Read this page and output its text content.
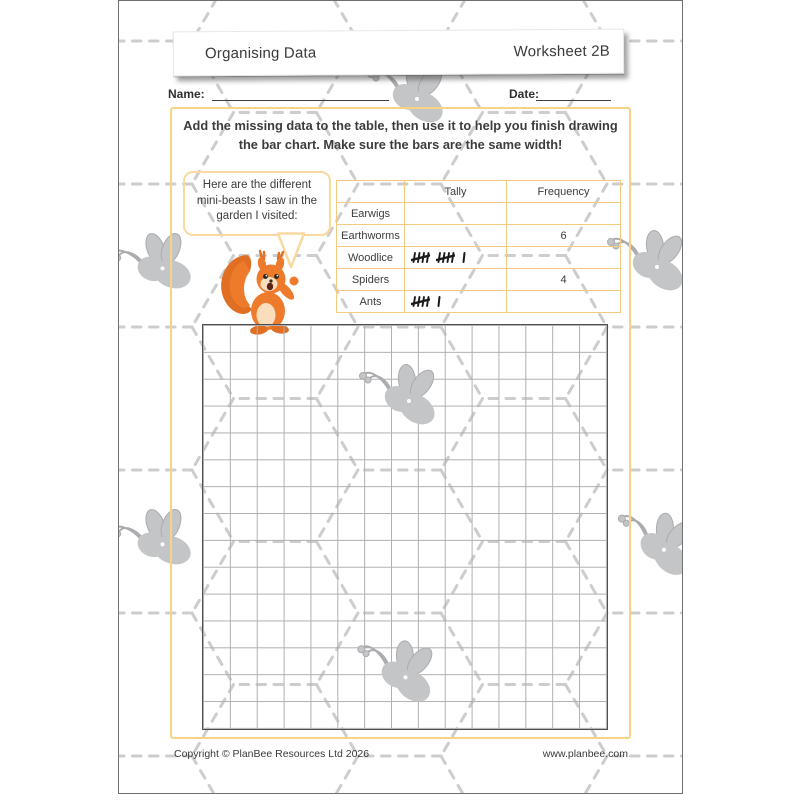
Organising Data	Worksheet 2B
Name:	Date:
Add the missing data to the table, then use it to help you finish drawing
the bar chart. Make sure the bars are the same width!
Here are the different
mini-beasts I saw in the
garden I visited:
	Tally	Frequency
Earwigs		
Earthworms		6
Woodlice		
Spiders		4
Ants		
Copyright © PlanBee Resources Ltd 2026	www.planbee.com
